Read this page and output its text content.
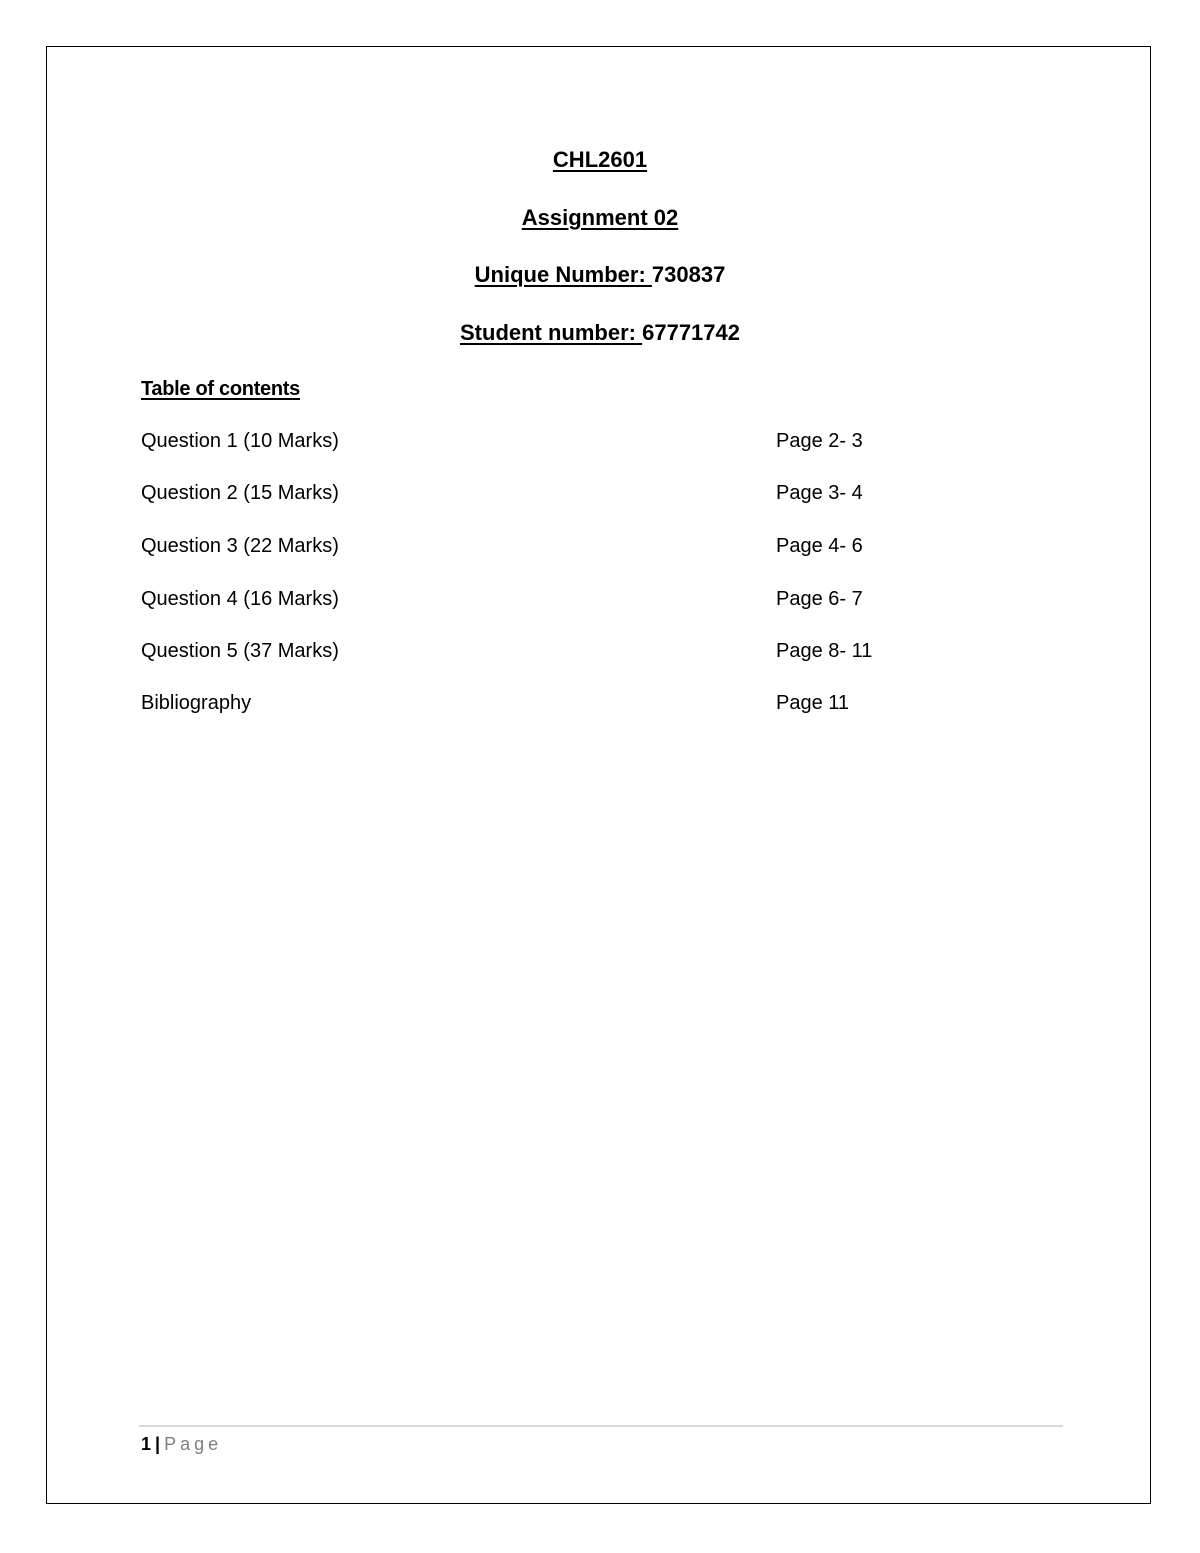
CHL2601
Assignment 02
Unique Number: 730837
Student number: 67771742
Table of contents
Question 1 (10 Marks)	Page 2- 3
Question 2 (15 Marks)	Page 3- 4
Question 3 (22 Marks)	Page 4- 6
Question 4 (16 Marks)	Page 6- 7
Question 5 (37 Marks)	Page 8- 11
Bibliography	Page 11
1 | Page
